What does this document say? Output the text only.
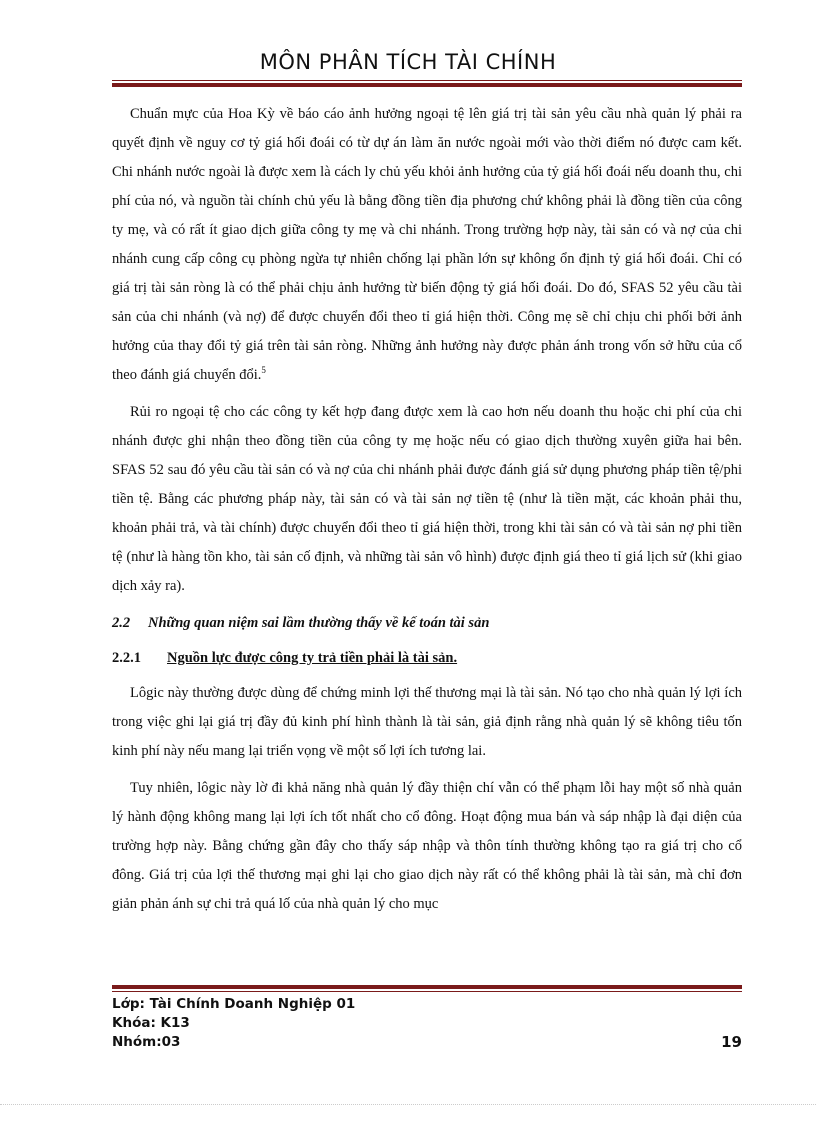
MÔN PHÂN TÍCH TÀI CHÍNH

Chuẩn mực của Hoa Kỳ về báo cáo ảnh hưởng ngoại tệ lên giá trị tài sản yêu cầu nhà quản lý phải ra quyết định về nguy cơ tỷ giá hối đoái có từ dự án làm ăn nước ngoài mới vào thời điểm nó được cam kết. Chi nhánh nước ngoài là được xem là cách ly chủ yếu khỏi ảnh hưởng của tỷ giá hối đoái nếu doanh thu, chi phí của nó, và nguồn tài chính chủ yếu là bằng đồng tiền địa phương chứ không phải là đồng tiền của công ty mẹ, và có rất ít giao dịch giữa công ty mẹ và chi nhánh. Trong trường hợp này, tài sản có và nợ của chi nhánh cung cấp công cụ phòng ngừa tự nhiên chống lại phần lớn sự không ổn định tỷ giá hối đoái. Chỉ có giá trị tài sản ròng là có thể phải chịu ảnh hưởng từ biến động tỷ giá hối đoái. Do đó, SFAS 52 yêu cầu tài sản của chi nhánh (và nợ) để được chuyển đổi theo tỉ giá hiện thời. Công mẹ sẽ chỉ chịu chi phối bởi ảnh hưởng của thay đổi tỷ giá trên tài sản ròng. Những ảnh hưởng này được phản ánh trong vốn sở hữu của cổ theo đánh giá chuyển đổi.$^5$

Rủi ro ngoại tệ cho các công ty kết hợp đang được xem là cao hơn nếu doanh thu hoặc chi phí của chi nhánh được ghi nhận theo đồng tiền của công ty mẹ hoặc nếu có giao dịch thường xuyên giữa hai bên. SFAS 52 sau đó yêu cầu tài sản có và nợ của chi nhánh phải được đánh giá sử dụng phương pháp tiền tệ/phi tiền tệ. Bằng các phương pháp này, tài sản có và tài sản nợ tiền tệ (như là tiền mặt, các khoản phải thu, khoản phải trả, và tài chính) được chuyển đổi theo tỉ giá hiện thời, trong khi tài sản có và tài sản nợ phi tiền tệ (như là hàng tồn kho, tài sản cố định, và những tài sản vô hình) được định giá theo tỉ giá lịch sử (khi giao dịch xảy ra).

2.2	Những quan niệm sai lầm thường thấy về kế toán tài sản
2.2.1	Nguồn lực được công ty trả tiền phải là tài sản.

Lôgic này thường được dùng để chứng minh lợi thế thương mại là tài sản. Nó tạo cho nhà quản lý lợi ích trong việc ghi lại giá trị đầy đủ kinh phí hình thành là tài sản, giả định rằng nhà quản lý sẽ không tiêu tốn kinh phí này nếu mang lại triển vọng về một số lợi ích tương lai.

Tuy nhiên, lôgic này lờ đi khả năng nhà quản lý đầy thiện chí vẫn có thể phạm lỗi hay một số nhà quản lý hành động không mang lại lợi ích tốt nhất cho cổ đông. Hoạt động mua bán và sáp nhập là đại diện của trường hợp này. Bằng chứng gần đây cho thấy sáp nhập và thôn tính thường không tạo ra giá trị cho cổ đông. Giá trị của lợi thế thương mại ghi lại cho giao dịch này rất có thể không phải là tài sản, mà chỉ đơn giản phản ánh sự chi trả quá lố của nhà quản lý cho mục

Lớp: Tài Chính Doanh Nghiệp 01
Khóa: K13
Nhóm:03	19
